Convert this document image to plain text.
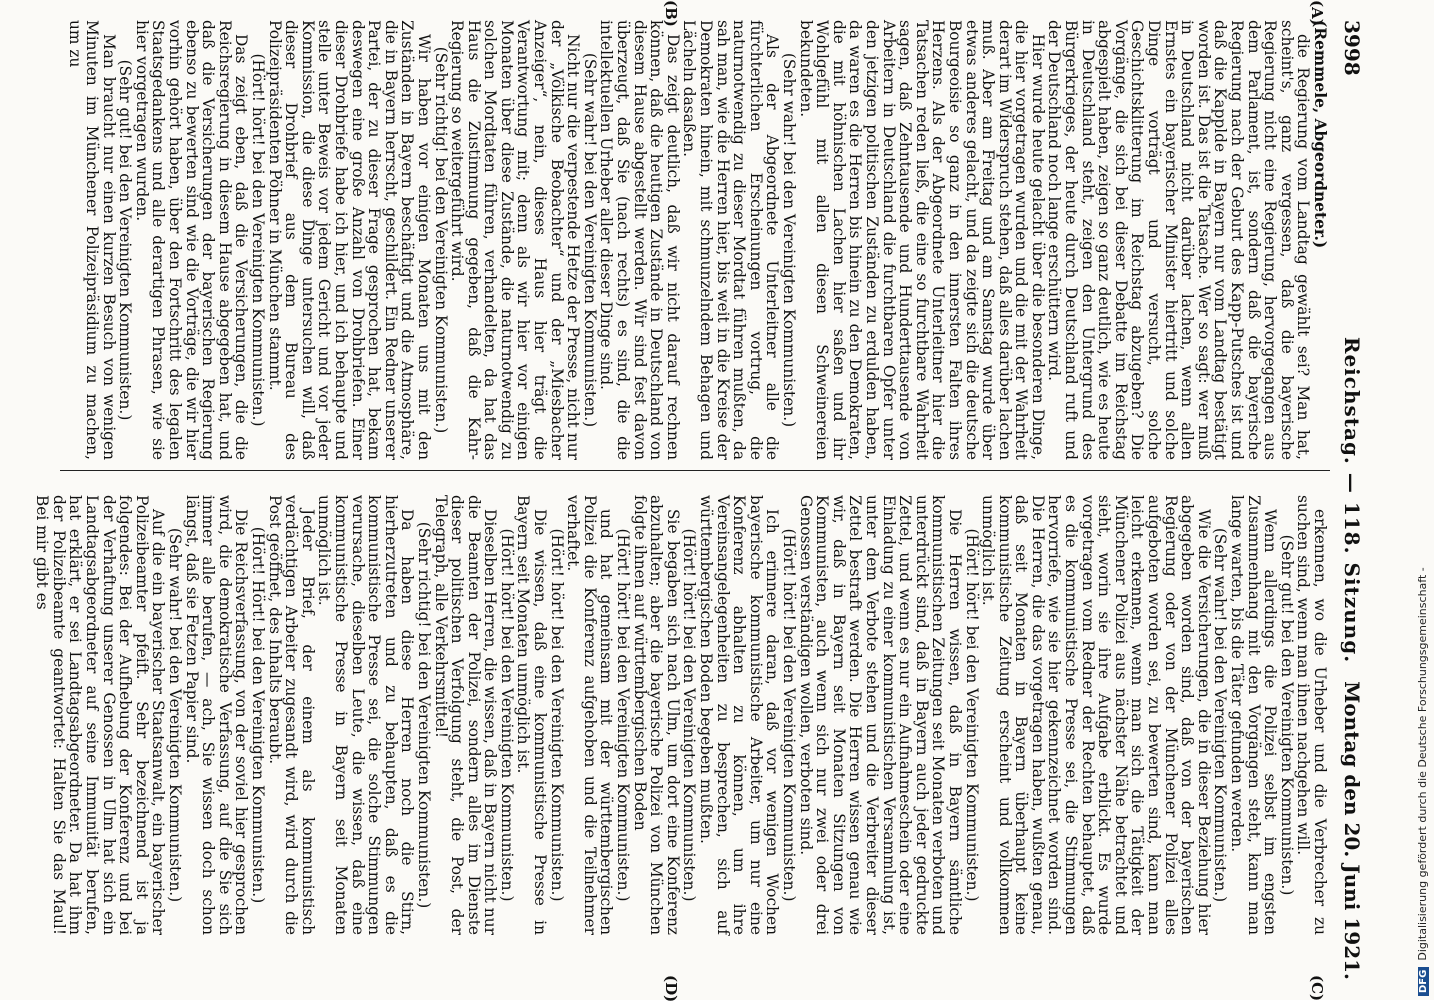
3998
Reichstag. — 118. Sitzung.
Montag den 20. Juni 1921.
(A)
(B)
(C)
(D)

(Remmele, Abgeordneter.)

die Regierung vom Landtag gewählt sei? Man hat, scheint's, ganz vergessen, daß die bayerische Regierung nicht eine Regierung, hervorgegangen aus dem Parlament, ist, sondern daß die bayerische Regierung nach der Geburt des Kapp-Putsches ist und daß die Kapplde in Bayern nur vom Landtag bestätigt worden ist. Das ist die Tatsache. Wer so sagt: wer muß in Deutschland nicht darüber lachen, wenn allen Ernstes ein bayerischer Minister hiertritt und solche Dinge vorträgt und versucht, solche Geschichtsklitterung im Reichstag abzugeben? Die Vorgänge, die sich bei dieser Debatte im Reichstag abgespielt haben, zeigen so ganz deutlich, wie es heute in Deutschland steht, zeigen den Untergrund des Bürgerkrieges, der heute durch Deutschland ruft und der Deutschland noch lange erschüttern wird.

Hier wurde heute gelacht über die besonderen Dinge, die hier vorgetragen wurden und die mit der Wahrheit derart im Widerspruch stehen, daß alles darüber lachen muß. Aber am Freitag und am Samstag wurde über etwas anderes gelacht, und da zeigte sich die deutsche Bourgeoisie so ganz in den innersten Falten ihres Herzens. Als der Abgeordnete Unterleitner hier die Tatsachen reden ließ, die eine so furchtbare Wahrheit sagen, daß Zehntausende und Hunderttausende von Arbeitern in Deutschland die furchtbaren Opfer unter den jetzigen politischen Zuständen zu erdulden haben, da waren es die Herren bis hinein zu den Demokraten, die mit höhnischen Lachen hier saßen und ihr Wohlgefühl mit allen diesen Schweinereien bekundeten.

(Sehr wahr! bei den Vereinigten Kommunisten.)

Als der Abgeordnete Unterleitner alle die fürchterlichen Erscheinungen vortrug, die naturnotwendig zu dieser Mordtat führen mußten, da sah man, wie die Herren hier, bis weit in die Kreise der Demokraten hinein, mit schmunzelndem Behagen und Lächeln dasaßen.

Das zeigt deutlich, daß wir nicht darauf rechnen können, daß die heutigen Zustände in Deutschland von diesem Hause abgestellt werden. Wir sind fest davon überzeugt, daß Sie (nach rechts) es sind, die die intellektuellen Urheber aller dieser Dinge sind.

(Sehr wahr! bei den Vereinigten Kommunisten.)

Nicht nur die verpestende Hetze der Presse, nicht nur der „Völkische Beobachter“ und der „Miesbacher Anzeiger“, nein, dieses Haus hier trägt die Verantwortung mit; denn als wir hier vor einigen Monaten über diese Zustände, die naturnotwendig zu solchen Mordtaten führen, verhandelten, da hat das Haus die Zustimmung gegeben, daß die Kahr-Regierung so weitergeführt wird.

(Sehr richtig! bei den Vereinigten Kommunisten.)

Wir haben vor einigen Monaten uns mit den Zuständen in Bayern beschäftigt und die Atmosphäre, die in Bayern herrscht, geschildert. Ein Redner unserer Partei, der zu dieser Frage gesprochen hat, bekam deswegen eine große Anzahl von Drohbriefen. Einer dieser Drohbriefe habe ich hier, und ich behaupte und stelle unter Beweis vor jedem Gericht und vor jeder Kommission, die diese Dinge untersuchen will, daß dieser Drohbrief aus dem Bureau des Polizeipräsidenten Pöhner in München stammt.

(Hört! hört! bei den Vereinigten Kommunisten.)

Das zeigt eben, daß die Versicherungen, die die Reichsregierung in diesem Hause abgegeben hat, und daß die Versicherungen der bayerischen Regierung ebenso zu bewerten sind wie die Vorträge, die wir hier vorhin gehört haben, über den Fortschritt des legalen Staatsgedankens und alle derartigen Phrasen, wie sie hier vorgetragen wurden.

(Sehr gut! bei den Vereinigten Kommunisten.)

Man braucht nur einen kurzen Besuch von wenigen Minuten im Münchener Polizeipräsidium zu machen, um zu

erkennen, wo die Urheber und die Verbrecher zu suchen sind, wenn man ihnen nachgehen will.

(Sehr gut! bei den Vereinigten Kommunisten.)

Wenn allerdings die Polizei selbst im engsten Zusammenhang mit den Vorgängen steht, kann man lange warten, bis die Täter gefunden werden.

(Sehr wahr! bei den Vereinigten Kommunisten.)

Wie die Versicherungen, die in dieser Beziehung hier abgegeben worden sind, daß von der bayerischen Regierung oder von der Münchener Polizei alles aufgeboten worden sei, zu bewerten sind, kann man leicht erkennen, wenn man sich die Tätigkeit der Münchener Polizei aus nächster Nähe betrachtet und sieht, worin sie ihre Aufgabe erblickt. Es wurde vorgetragen vom Redner der Rechten behauptet, daß es die kommunistische Presse sei, die Stimmungen hervorriefe, wie sie hier gekennzeichnet worden sind. Die Herren, die das vorgetragen haben, wußten genau, daß seit Monaten in Bayern überhaupt keine kommunistische Zeitung erscheint und vollkommen unmöglich ist.

(Hört! hört! bei den Vereinigten Kommunisten.)

Die Herren wissen, daß in Bayern sämtliche kommunistischen Zeitungen seit Monaten verboten und unterdrückt sind, daß in Bayern auch jeder gedruckte Zettel, und wenn es nur ein Aufnahmeschein oder eine Einladung zu einer kommunistischen Versammlung ist, unter dem Verbote stehen und die Verbreiter dieser Zettel bestraft werden. Die Herren wissen genau wie wir, daß in Bayern seit Monaten Sitzungen von Kommunisten, auch wenn sich nur zwei oder drei Genossen verständigen wollen, verboten sind.

(Hört! hört! bei den Vereinigten Kommunisten.)

Ich erinnere daran, daß vor wenigen Wochen bayerische kommunistische Arbeiter, um nur eine Konferenz abhalten zu können, um ihre Vereinsangelegenheiten zu besprechen, sich auf württembergischen Boden begeben mußten.

(Hört! hört! bei den Vereinigten Kommunisten.)

Sie begaben sich nach Ulm, um dort eine Konferenz abzuhalten; aber die bayerische Polizei von München folgte ihnen auf württembergischen Boden

(Hört! hört! bei den Vereinigten Kommunisten.)

und hat gemeinsam mit der württembergischen Polizei die Konferenz aufgehoben und die Teilnehmer verhaftet.

(Hört! hört! bei den Vereinigten Kommunisten.)

Die wissen, daß eine kommunistische Presse in Bayern seit Monaten unmöglich ist.

(Hört! hört! bei den Vereinigten Kommunisten.)

Dieselben Herren, die wissen, daß in Bayern nicht nur die Beamten der Polizei, sondern alles im Dienste dieser politischen Verfolgung steht, die Post, der Telegraph, alle Verkehrsmittel!

(Sehr richtig! bei den Vereinigten Kommunisten.)

Da haben diese Herren noch die Stirn, hierherzutreten und zu behaupten, daß es die kommunistische Presse sei, die solche Stimmungen verursache, dieselben Leute, die wissen, daß eine kommunistische Presse in Bayern seit Monaten unmöglich ist.

Jeder Brief, der einem als kommunistisch verdächtigen Arbeiter zugesandt wird, wird durch die Post geöffnet, des Inhalts beraubt.

(Hört! Hört! bei den Vereinigten Kommunisten.)

Die Reichsverfassung, von der soviel hier gesprochen wird, die demokratische Verfassung, auf die Sie sich immer alle berufen, — ach, Sie wissen doch schon längst, daß sie Fetzen Papier sind.

(Sehr wahr! bei den Vereinigten Kommunisten.)

Auf die ein bayerischer Staatsanwalt, ein bayerischer Polizeibeamter pfeift. Sehr bezeichnend ist ja folgendes: Bei der Aufhebung der Konferenz und bei der Verhaftung unserer Genossen in Ulm hat sich ein Landtagsabgeordneter auf seine Immunität berufen, hat erklärt, er sei Landtagsabgeordneter. Da hat ihm der Polizeibeamte geantwortet: Halten Sie das Maul! Bei mir gibt es

DFGDigitalisierung gefördert durch die Deutsche Forschungsgemeinschaft -
